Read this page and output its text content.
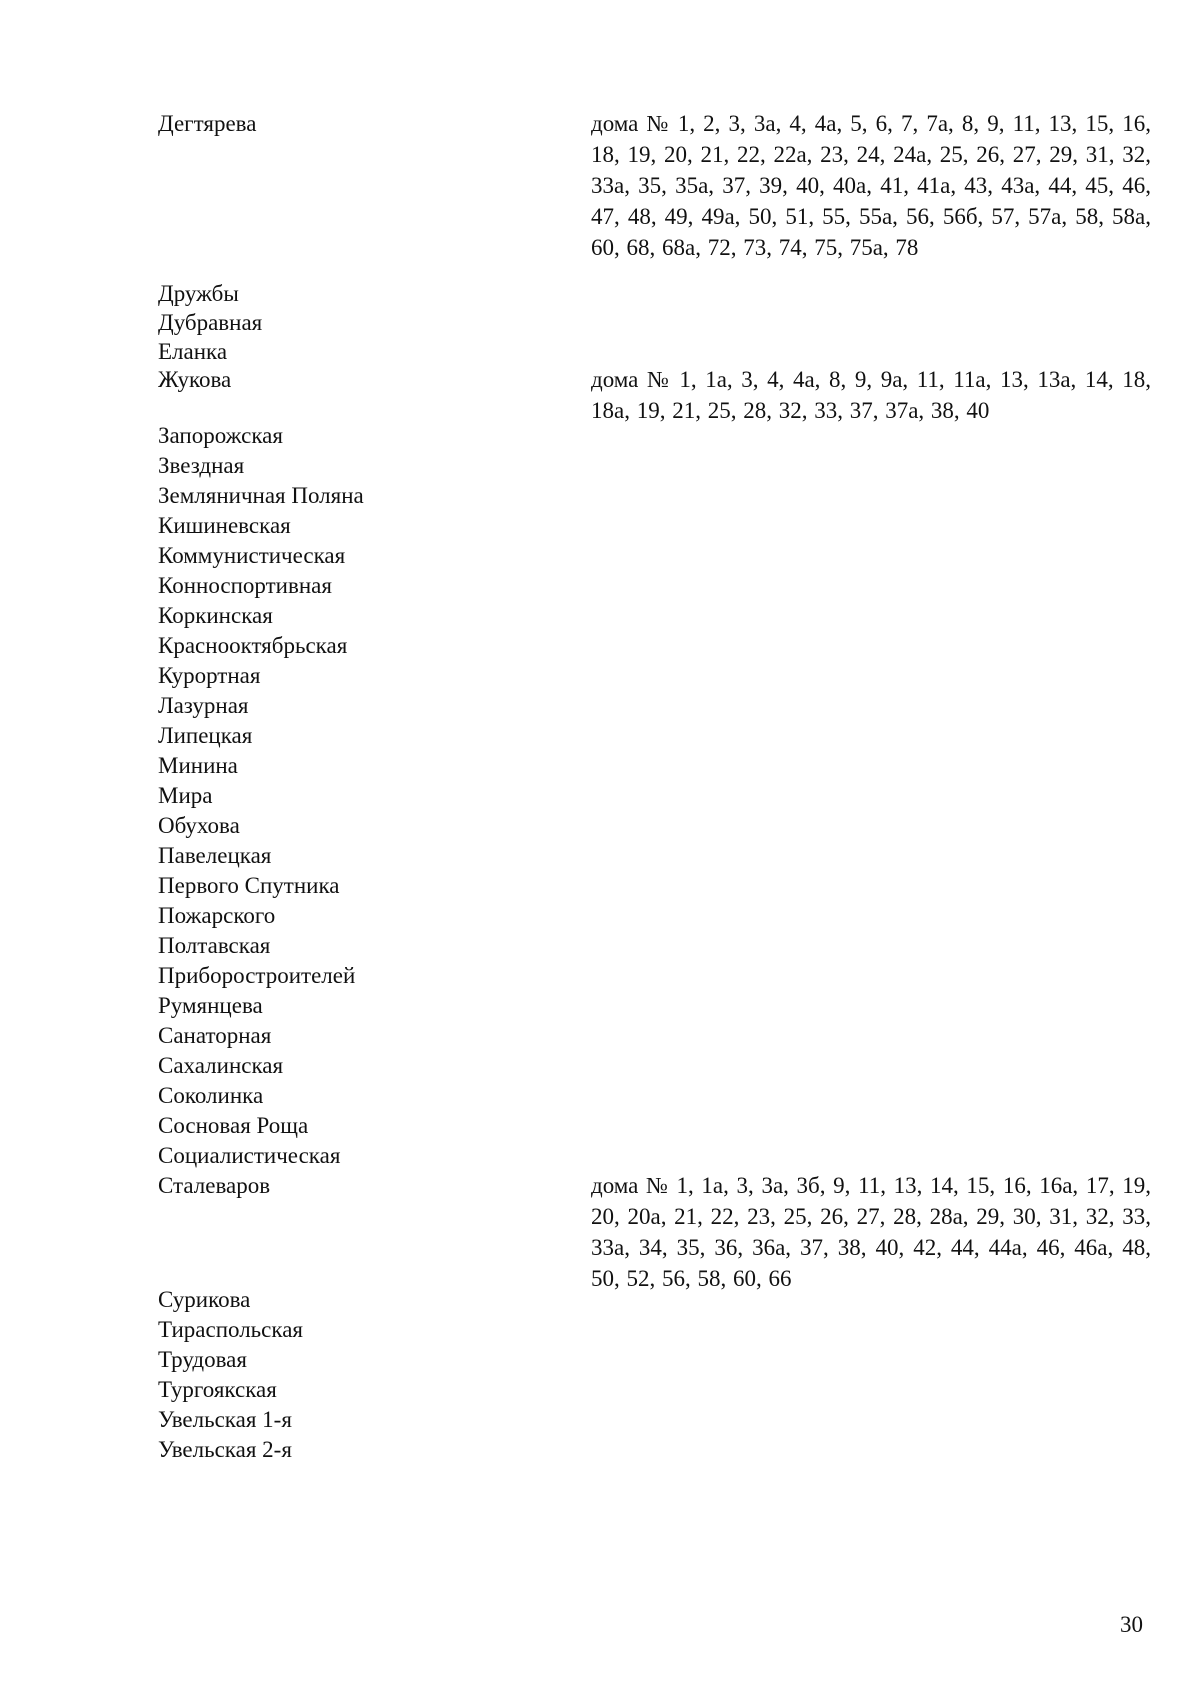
Дегтярева	дома № 1, 2, 3, 3а, 4, 4а, 5, 6, 7, 7а, 8, 9, 11, 13, 15, 16, 18, 19, 20, 21, 22, 22а, 23, 24, 24а, 25, 26, 27, 29, 31, 32, 33а, 35, 35а, 37, 39, 40, 40а, 41, 41а, 43, 43а, 44, 45, 46, 47, 48, 49, 49а, 50, 51, 55, 55а, 56, 56б, 57, 57а, 58, 58а, 60, 68, 68а, 72, 73, 74, 75, 75а, 78
Дружбы
Дубравная
Еланка
Жукова	дома № 1, 1а, 3, 4, 4а, 8, 9, 9а, 11, 11а, 13, 13а, 14, 18, 18а, 19, 21, 25, 28, 32, 33, 37, 37а, 38, 40
Запорожская
Звездная
Земляничная Поляна
Кишиневская
Коммунистическая
Конноспортивная
Коркинская
Краснооктябрьская
Курортная
Лазурная
Липецкая
Минина
Мира
Обухова
Павелецкая
Первого Спутника
Пожарского
Полтавская
Приборостроителей
Румянцева
Санаторная
Сахалинская
Соколинка
Сосновая Роща
Социалистическая
Сталеваров	дома № 1, 1а, 3, 3а, 3б, 9, 11, 13, 14, 15, 16, 16а, 17, 19, 20, 20а, 21, 22, 23, 25, 26, 27, 28, 28а, 29, 30, 31, 32, 33, 33а, 34, 35, 36, 36а, 37, 38, 40, 42, 44, 44а, 46, 46а, 48, 50, 52, 56, 58, 60, 66
Сурикова
Тираспольская
Трудовая
Тургоякская
Увельская 1-я
Увельская 2-я
30
